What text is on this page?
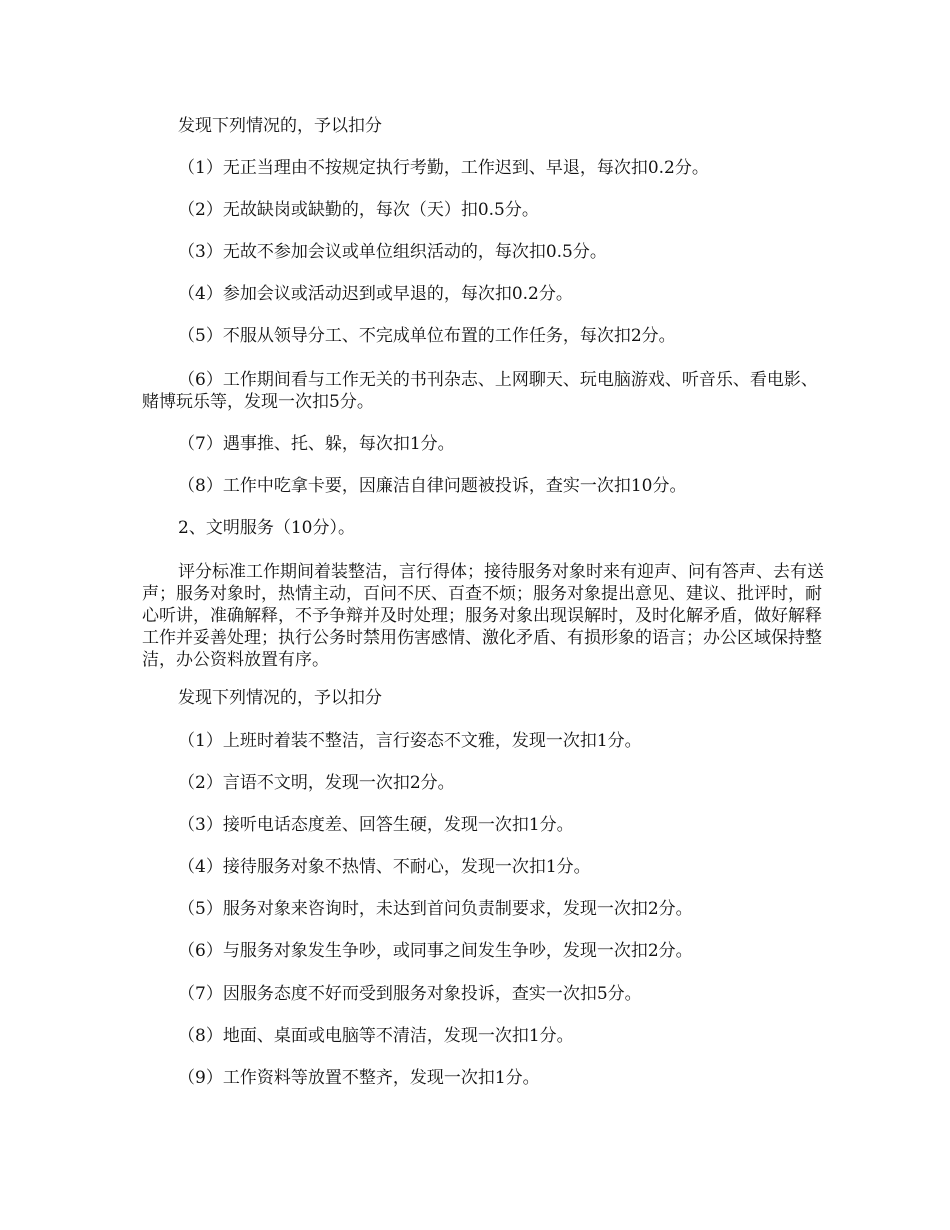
发现下列情况的，予以扣分

（1）无正当理由不按规定执行考勤，工作迟到、早退，每次扣0.2分。

（2）无故缺岗或缺勤的，每次（天）扣0.5分。

（3）无故不参加会议或单位组织活动的，每次扣0.5分。

（4）参加会议或活动迟到或早退的，每次扣0.2分。

（5）不服从领导分工、不完成单位布置的工作任务，每次扣2分。

（6）工作期间看与工作无关的书刊杂志、上网聊天、玩电脑游戏、听音乐、看电影、赌博玩乐等，发现一次扣5分。

（7）遇事推、托、躲，每次扣1分。

（8）工作中吃拿卡要，因廉洁自律问题被投诉，查实一次扣10分。

2、文明服务（10分）。

评分标准工作期间着装整洁，言行得体；接待服务对象时来有迎声、问有答声、去有送声；服务对象时，热情主动，百问不厌、百查不烦；服务对象提出意见、建议、批评时，耐心听讲，准确解释，不予争辩并及时处理；服务对象出现误解时，及时化解矛盾，做好解释工作并妥善处理；执行公务时禁用伤害感情、激化矛盾、有损形象的语言；办公区域保持整洁，办公资料放置有序。

发现下列情况的，予以扣分

（1）上班时着装不整洁，言行姿态不文雅，发现一次扣1分。

（2）言语不文明，发现一次扣2分。

（3）接听电话态度差、回答生硬，发现一次扣1分。

（4）接待服务对象不热情、不耐心，发现一次扣1分。

（5）服务对象来咨询时，未达到首问负责制要求，发现一次扣2分。

（6）与服务对象发生争吵，或同事之间发生争吵，发现一次扣2分。

（7）因服务态度不好而受到服务对象投诉，查实一次扣5分。

（8）地面、桌面或电脑等不清洁，发现一次扣1分。

（9）工作资料等放置不整齐，发现一次扣1分。
